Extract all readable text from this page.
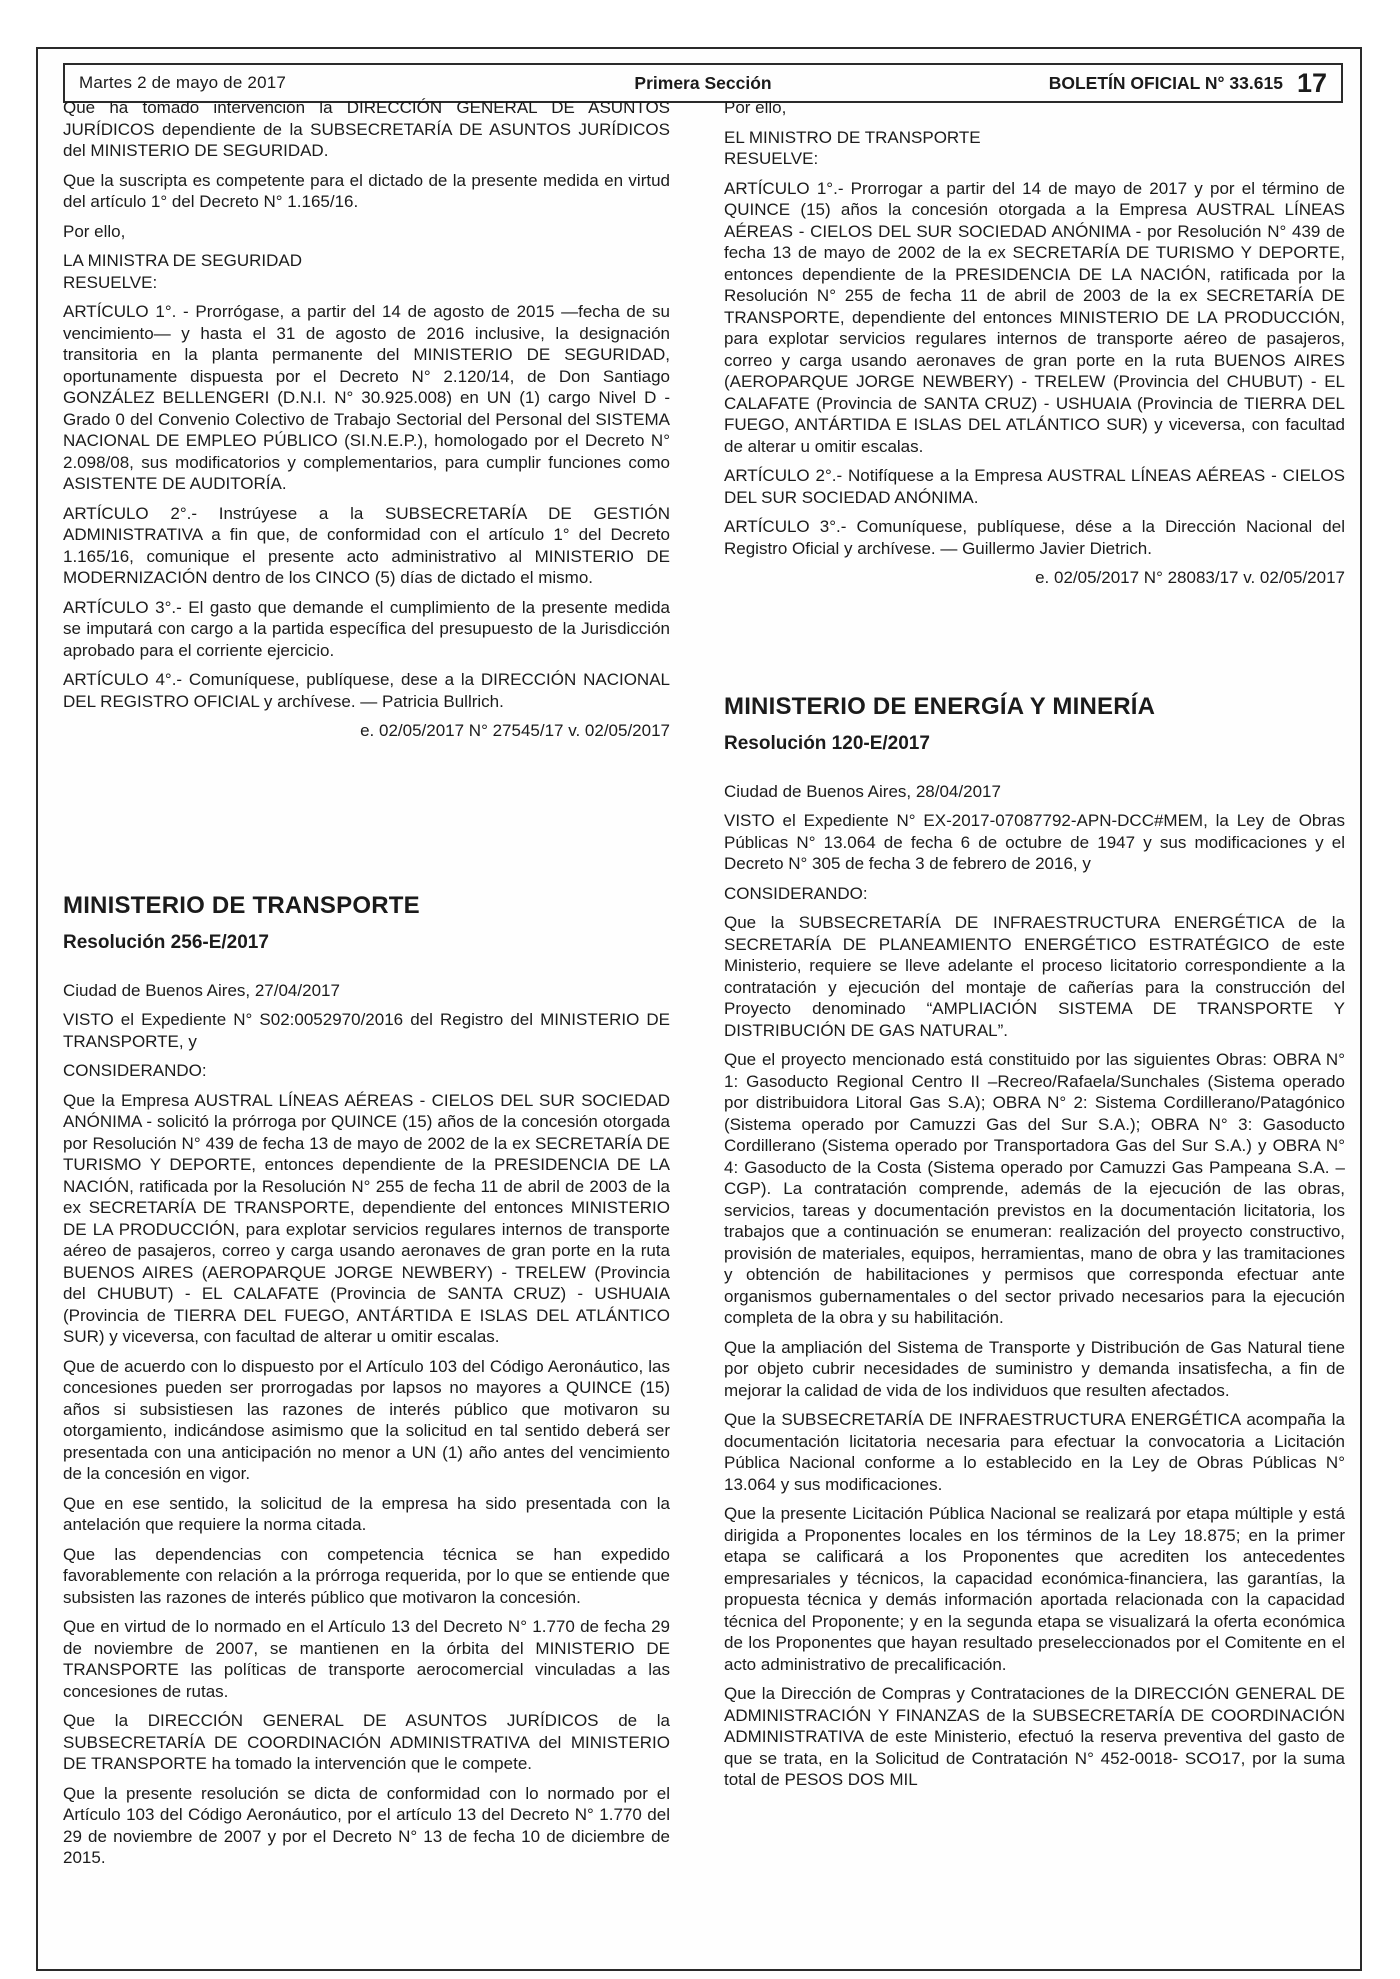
Martes 2 de mayo de 2017	Primera Sección	BOLETÍN OFICIAL N° 33.615 17

Que ha tomado intervención la DIRECCIÓN GENERAL DE ASUNTOS JURÍDICOS dependiente de la SUBSECRETARÍA DE ASUNTOS JURÍDICOS del MINISTERIO DE SEGURIDAD.

Que la suscripta es competente para el dictado de la presente medida en virtud del artículo 1° del Decreto N° 1.165/16.

Por ello,

LA MINISTRA DE SEGURIDAD

RESUELVE:

ARTÍCULO 1°. - Prorrógase, a partir del 14 de agosto de 2015 —fecha de su vencimiento— y hasta el 31 de agosto de 2016 inclusive, la designación transitoria en la planta permanente del MINISTERIO DE SEGURIDAD, oportunamente dispuesta por el Decreto N° 2.120/14, de Don Santiago GONZÁLEZ BELLENGERI (D.N.I. N° 30.925.008) en UN (1) cargo Nivel D - Grado 0 del Convenio Colectivo de Trabajo Sectorial del Personal del SISTEMA NACIONAL DE EMPLEO PÚBLICO (SI.N.E.P.), homologado por el Decreto N° 2.098/08, sus modificatorios y complementarios, para cumplir funciones como ASISTENTE DE AUDITORÍA.

ARTÍCULO 2°.- Instrúyese a la SUBSECRETARÍA DE GESTIÓN ADMINISTRATIVA a fin que, de conformidad con el artículo 1° del Decreto 1.165/16, comunique el presente acto administrativo al MINISTERIO DE MODERNIZACIÓN dentro de los CINCO (5) días de dictado el mismo.

ARTÍCULO 3°.- El gasto que demande el cumplimiento de la presente medida se imputará con cargo a la partida específica del presupuesto de la Jurisdicción aprobado para el corriente ejercicio.

ARTÍCULO 4°.- Comuníquese, publíquese, dese a la DIRECCIÓN NACIONAL DEL REGISTRO OFICIAL y archívese. — Patricia Bullrich.

e. 02/05/2017 N° 27545/17 v. 02/05/2017

MINISTERIO DE TRANSPORTE
Resolución 256-E/2017

Ciudad de Buenos Aires, 27/04/2017

VISTO el Expediente N° S02:0052970/2016 del Registro del MINISTERIO DE TRANSPORTE, y

CONSIDERANDO:

Que la Empresa AUSTRAL LÍNEAS AÉREAS - CIELOS DEL SUR SOCIEDAD ANÓNIMA - solicitó la prórroga por QUINCE (15) años de la concesión otorgada por Resolución N° 439 de fecha 13 de mayo de 2002 de la ex SECRETARÍA DE TURISMO Y DEPORTE, entonces dependiente de la PRESIDENCIA DE LA NACIÓN, ratificada por la Resolución N° 255 de fecha 11 de abril de 2003 de la ex SECRETARÍA DE TRANSPORTE, dependiente del entonces MINISTERIO DE LA PRODUCCIÓN, para explotar servicios regulares internos de transporte aéreo de pasajeros, correo y carga usando aeronaves de gran porte en la ruta BUENOS AIRES (AEROPARQUE JORGE NEWBERY) - TRELEW (Provincia del CHUBUT) - EL CALAFATE (Provincia de SANTA CRUZ) - USHUAIA (Provincia de TIERRA DEL FUEGO, ANTÁRTIDA E ISLAS DEL ATLÁNTICO SUR) y viceversa, con facultad de alterar u omitir escalas.

Que de acuerdo con lo dispuesto por el Artículo 103 del Código Aeronáutico, las concesiones pueden ser prorrogadas por lapsos no mayores a QUINCE (15) años si subsistiesen las razones de interés público que motivaron su otorgamiento, indicándose asimismo que la solicitud en tal sentido deberá ser presentada con una anticipación no menor a UN (1) año antes del vencimiento de la concesión en vigor.

Que en ese sentido, la solicitud de la empresa ha sido presentada con la antelación que requiere la norma citada.

Que las dependencias con competencia técnica se han expedido favorablemente con relación a la prórroga requerida, por lo que se entiende que subsisten las razones de interés público que motivaron la concesión.

Que en virtud de lo normado en el Artículo 13 del Decreto N° 1.770 de fecha 29 de noviembre de 2007, se mantienen en la órbita del MINISTERIO DE TRANSPORTE las políticas de transporte aerocomercial vinculadas a las concesiones de rutas.

Que la DIRECCIÓN GENERAL DE ASUNTOS JURÍDICOS de la SUBSECRETARÍA DE COORDINACIÓN ADMINISTRATIVA del MINISTERIO DE TRANSPORTE ha tomado la intervención que le compete.

Que la presente resolución se dicta de conformidad con lo normado por el Artículo 103 del Código Aeronáutico, por el artículo 13 del Decreto N° 1.770 del 29 de noviembre de 2007 y por el Decreto N° 13 de fecha 10 de diciembre de 2015.

Por ello,

EL MINISTRO DE TRANSPORTE

RESUELVE:

ARTÍCULO 1°.- Prorrogar a partir del 14 de mayo de 2017 y por el término de QUINCE (15) años la concesión otorgada a la Empresa AUSTRAL LÍNEAS AÉREAS - CIELOS DEL SUR SOCIEDAD ANÓNIMA - por Resolución N° 439 de fecha 13 de mayo de 2002 de la ex SECRETARÍA DE TURISMO Y DEPORTE, entonces dependiente de la PRESIDENCIA DE LA NACIÓN, ratificada por la Resolución N° 255 de fecha 11 de abril de 2003 de la ex SECRETARÍA DE TRANSPORTE, dependiente del entonces MINISTERIO DE LA PRODUCCIÓN, para explotar servicios regulares internos de transporte aéreo de pasajeros, correo y carga usando aeronaves de gran porte en la ruta BUENOS AIRES (AEROPARQUE JORGE NEWBERY) - TRELEW (Provincia del CHUBUT) - EL CALAFATE (Provincia de SANTA CRUZ) - USHUAIA (Provincia de TIERRA DEL FUEGO, ANTÁRTIDA E ISLAS DEL ATLÁNTICO SUR) y viceversa, con facultad de alterar u omitir escalas.

ARTÍCULO 2°.- Notifíquese a la Empresa AUSTRAL LÍNEAS AÉREAS - CIELOS DEL SUR SOCIEDAD ANÓNIMA.

ARTÍCULO 3°.- Comuníquese, publíquese, dése a la Dirección Nacional del Registro Oficial y archívese. — Guillermo Javier Dietrich.

e. 02/05/2017 N° 28083/17 v. 02/05/2017

MINISTERIO DE ENERGÍA Y MINERÍA
Resolución 120-E/2017

Ciudad de Buenos Aires, 28/04/2017

VISTO el Expediente N° EX-2017-07087792-APN-DCC#MEM, la Ley de Obras Públicas N° 13.064 de fecha 6 de octubre de 1947 y sus modificaciones y el Decreto N° 305 de fecha 3 de febrero de 2016, y

CONSIDERANDO:

Que la SUBSECRETARÍA DE INFRAESTRUCTURA ENERGÉTICA de la SECRETARÍA DE PLANEAMIENTO ENERGÉTICO ESTRATÉGICO de este Ministerio, requiere se lleve adelante el proceso licitatorio correspondiente a la contratación y ejecución del montaje de cañerías para la construcción del Proyecto denominado “AMPLIACIÓN SISTEMA DE TRANSPORTE Y DISTRIBUCIÓN DE GAS NATURAL”.

Que el proyecto mencionado está constituido por las siguientes Obras: OBRA N° 1: Gasoducto Regional Centro II –Recreo/Rafaela/Sunchales (Sistema operado por distribuidora Litoral Gas S.A); OBRA N° 2: Sistema Cordillerano/Patagónico (Sistema operado por Camuzzi Gas del Sur S.A.); OBRA N° 3: Gasoducto Cordillerano (Sistema operado por Transportadora Gas del Sur S.A.) y OBRA N° 4: Gasoducto de la Costa (Sistema operado por Camuzzi Gas Pampeana S.A. – CGP). La contratación comprende, además de la ejecución de las obras, servicios, tareas y documentación previstos en la documentación licitatoria, los trabajos que a continuación se enumeran: realización del proyecto constructivo, provisión de materiales, equipos, herramientas, mano de obra y las tramitaciones y obtención de habilitaciones y permisos que corresponda efectuar ante organismos gubernamentales o del sector privado necesarios para la ejecución completa de la obra y su habilitación.

Que la ampliación del Sistema de Transporte y Distribución de Gas Natural tiene por objeto cubrir necesidades de suministro y demanda insatisfecha, a fin de mejorar la calidad de vida de los individuos que resulten afectados.

Que la SUBSECRETARÍA DE INFRAESTRUCTURA ENERGÉTICA acompaña la documentación licitatoria necesaria para efectuar la convocatoria a Licitación Pública Nacional conforme a lo establecido en la Ley de Obras Públicas N° 13.064 y sus modificaciones.

Que la presente Licitación Pública Nacional se realizará por etapa múltiple y está dirigida a Proponentes locales en los términos de la Ley 18.875; en la primer etapa se calificará a los Proponentes que acrediten los antecedentes empresariales y técnicos, la capacidad económica-financiera, las garantías, la propuesta técnica y demás información aportada relacionada con la capacidad técnica del Proponente; y en la segunda etapa se visualizará la oferta económica de los Proponentes que hayan resultado preseleccionados por el Comitente en el acto administrativo de precalificación.

Que la Dirección de Compras y Contrataciones de la DIRECCIÓN GENERAL DE ADMINISTRACIÓN Y FINANZAS de la SUBSECRETARÍA DE COORDINACIÓN ADMINISTRATIVA de este Ministerio, efectuó la reserva preventiva del gasto de que se trata, en la Solicitud de Contratación N° 452-0018- SCO17, por la suma total de PESOS DOS MIL
